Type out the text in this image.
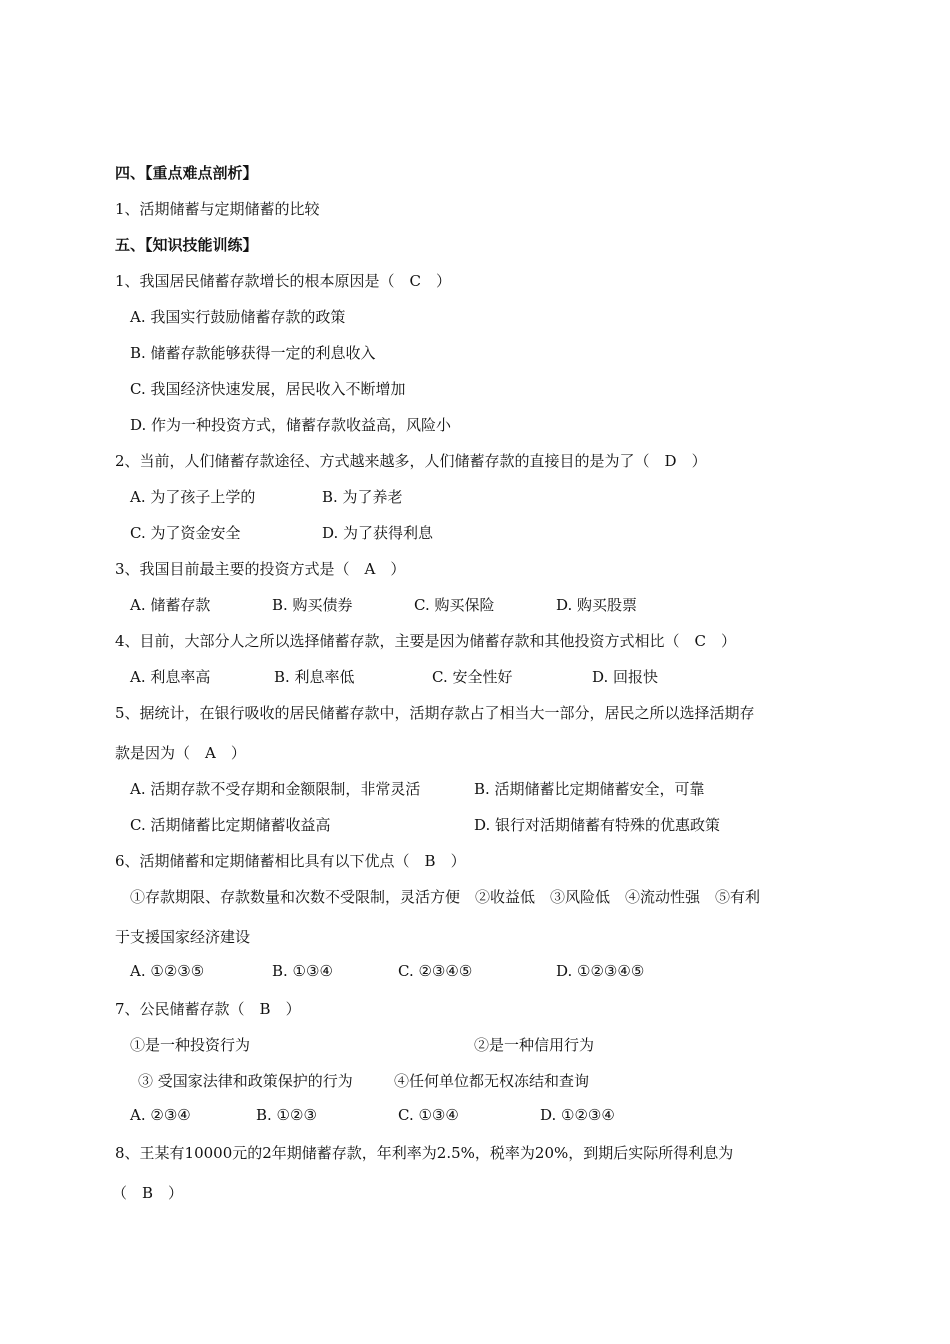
四、【重点难点剖析】
1、活期储蓄与定期储蓄的比较
五、【知识技能训练】
1、我国居民储蓄存款增长的根本原因是（　C　）
A. 我国实行鼓励储蓄存款的政策
B. 储蓄存款能够获得一定的利息收入
C. 我国经济快速发展，居民收入不断增加
D. 作为一种投资方式，储蓄存款收益高，风险小
2、当前，人们储蓄存款途径、方式越来越多，人们储蓄存款的直接目的是为了（　D　）
A. 为了孩子上学的	B. 为了养老
C. 为了资金安全	D. 为了获得利息
3、我国目前最主要的投资方式是（　A　）
A. 储蓄存款	B. 购买债券	C. 购买保险	D. 购买股票
4、目前，大部分人之所以选择储蓄存款，主要是因为储蓄存款和其他投资方式相比（　C　）
A. 利息率高	B. 利息率低	C. 安全性好	D. 回报快
5、据统计，在银行吸收的居民储蓄存款中，活期存款占了相当大一部分，居民之所以选择活期存
款是因为（　A　）
A. 活期存款不受存期和金额限制，非常灵活	B. 活期储蓄比定期储蓄安全，可靠
C. 活期储蓄比定期储蓄收益高	D. 银行对活期储蓄有特殊的优惠政策
6、活期储蓄和定期储蓄相比具有以下优点（　B　）
①存款期限、存款数量和次数不受限制，灵活方便　②收益低　③风险低　④流动性强　⑤有利
于支援国家经济建设
A. ①②③⑤	B. ①③④	C. ②③④⑤	D. ①②③④⑤
7、公民储蓄存款（　B　）
①是一种投资行为	②是一种信用行为
③ 受国家法律和政策保护的行为	④任何单位都无权冻结和查询
A. ②③④	B. ①②③	C. ①③④	D. ①②③④
8、王某有10000元的2年期储蓄存款，年利率为2.5%，税率为20%，到期后实际所得利息为
（　B　）
